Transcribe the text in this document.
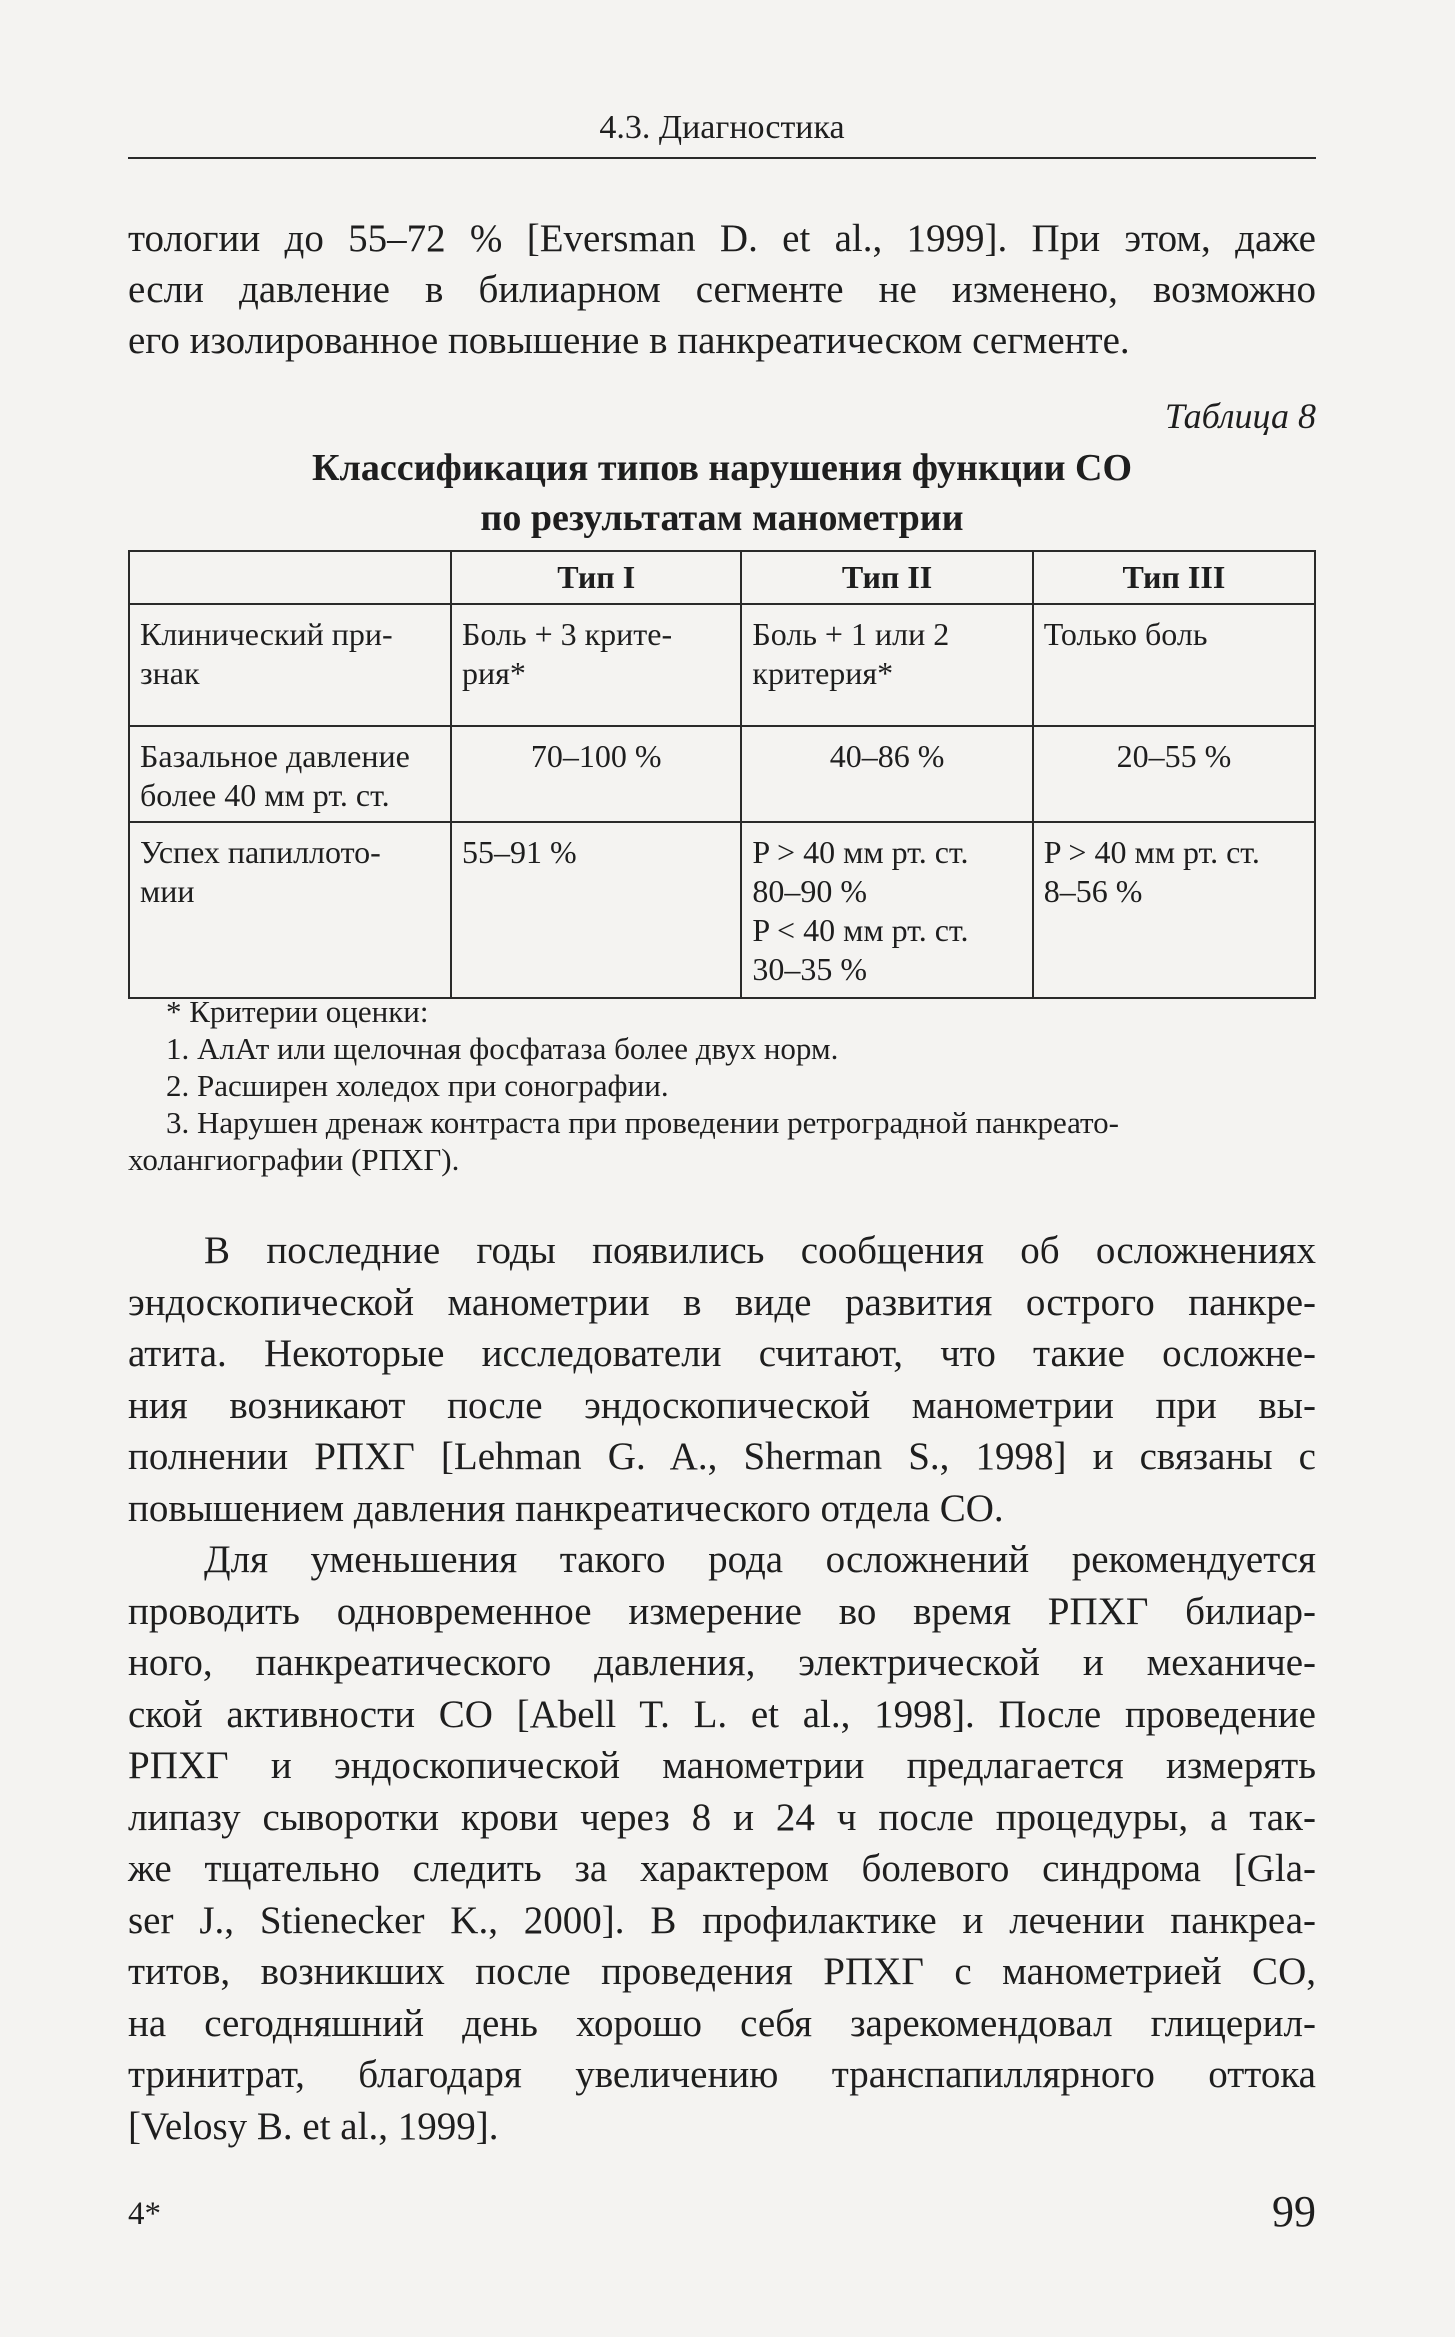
4.3. Диагностика

тологии до 55–72 % [Eversman D. et al., 1999]. При этом, даже

если давление в билиарном сегменте не изменено, возможно

его изолированное повышение в панкреатическом сегменте.

Таблица 8
Классификация типов нарушения функции СО
по результатам манометрии
	Тип I	Тип II	Тип III

Клинический при-
знак	Боль + 3 крите-
рия*	Боль + 1 или 2
критерия*	Только боль

Базальное давление
более 40 мм рт. ст.	70–100 %	40–86 %	20–55 %

Успех папиллото-
мии	55–91 %	P > 40 мм рт. ст.
80–90 %
P < 40 мм рт. ст.
30–35 %	P > 40 мм рт. ст.
8–56 %
* Критерии оценки:
1. АлАт или щелочная фосфатаза более двух норм.
2. Расширен холедох при сонографии.
3. Нарушен дренаж контраста при проведении ретроградной панкреато-
холангиографии (РПХГ).

В последние годы появились сообщения об осложнениях

эндоскопической манометрии в виде развития острого панкре-

атита. Некоторые исследователи считают, что такие осложне-

ния возникают после эндоскопической манометрии при вы-

полнении РПХГ [Lehman G. A., Sherman S., 1998] и связаны с

повышением давления панкреатического отдела СО.

Для уменьшения такого рода осложнений рекомендуется

проводить одновременное измерение во время РПХГ билиар-

ного, панкреатического давления, электрической и механиче-

ской активности СО [Abell T. L. et al., 1998]. После проведение

РПХГ и эндоскопической манометрии предлагается измерять

липазу сыворотки крови через 8 и 24 ч после процедуры, а так-

же тщательно следить за характером болевого синдрома [Gla-

ser J., Stienecker K., 2000]. В профилактике и лечении панкреа-

титов, возникших после проведения РПХГ с манометрией СО,

на сегодняшний день хорошо себя зарекомендовал глицерил-

тринитрат, благодаря увеличению транспапиллярного оттока

[Velosy B. et al., 1999].

4*	99
